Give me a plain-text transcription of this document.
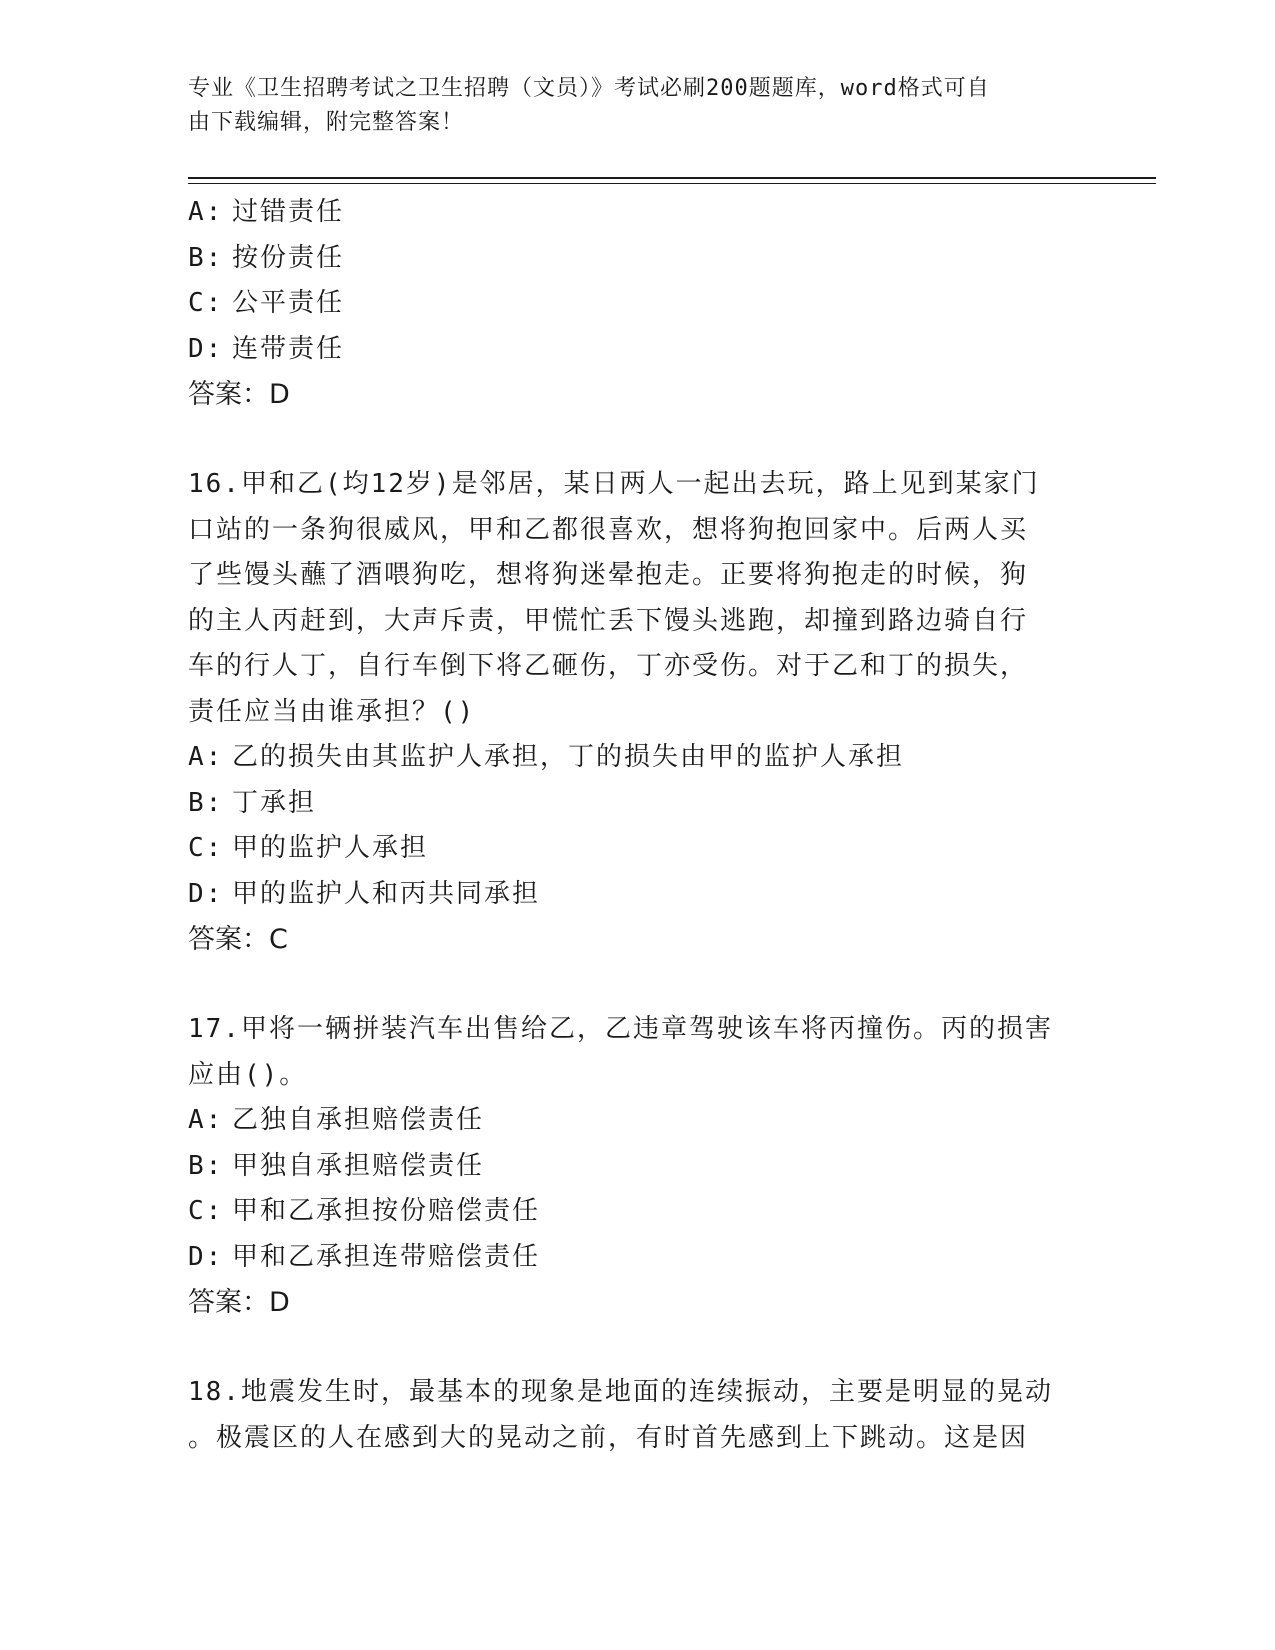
专业《卫生招聘考试之卫生招聘（文员）》考试必刷200题题库，word格式可自
由下载编辑，附完整答案！
A: 过错责任
B: 按份责任
C: 公平责任
D: 连带责任
答案：D
16.甲和乙(均12岁)是邻居，某日两人一起出去玩，路上见到某家门
口站的一条狗很威风，甲和乙都很喜欢，想将狗抱回家中。后两人买
了些馒头蘸了酒喂狗吃，想将狗迷晕抱走。正要将狗抱走的时候，狗
的主人丙赶到，大声斥责，甲慌忙丢下馒头逃跑，却撞到路边骑自行
车的行人丁，自行车倒下将乙砸伤，丁亦受伤。对于乙和丁的损失，
责任应当由谁承担？()
A: 乙的损失由其监护人承担，丁的损失由甲的监护人承担
B: 丁承担
C: 甲的监护人承担
D: 甲的监护人和丙共同承担
答案：C
17.甲将一辆拼装汽车出售给乙，乙违章驾驶该车将丙撞伤。丙的损害
应由()。
A: 乙独自承担赔偿责任
B: 甲独自承担赔偿责任
C: 甲和乙承担按份赔偿责任
D: 甲和乙承担连带赔偿责任
答案：D
18.地震发生时，最基本的现象是地面的连续振动，主要是明显的晃动
。极震区的人在感到大的晃动之前，有时首先感到上下跳动。这是因
